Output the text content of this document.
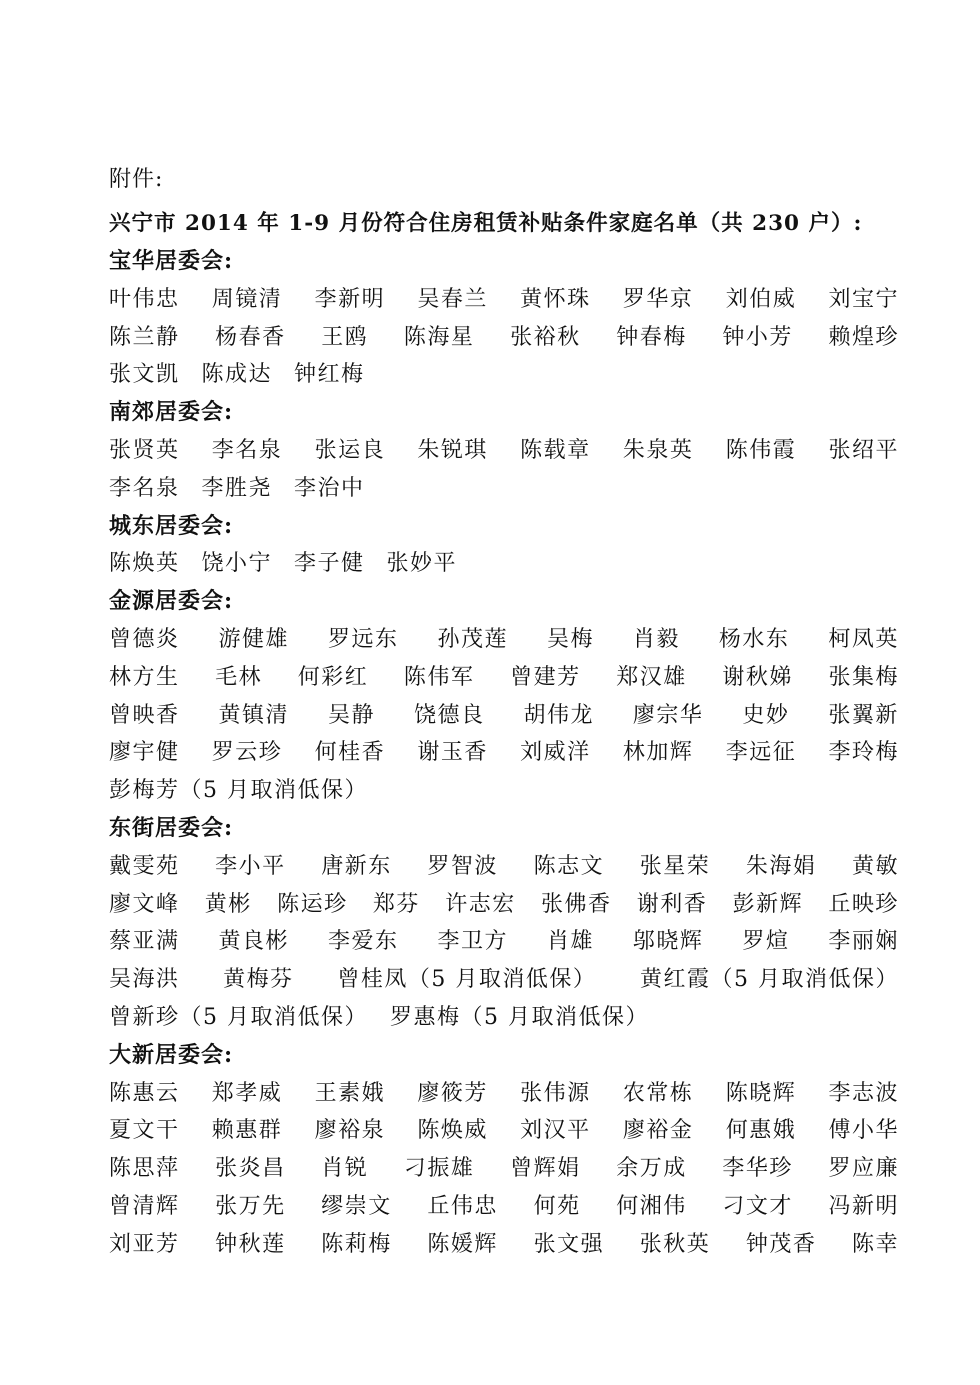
附件:
兴宁市 2014 年 1-9 月份符合住房租赁补贴条件家庭名单（共 230 户）:
宝华居委会:
叶伟忠 周镜清 李新明 吴春兰 黄怀珠 罗华京 刘伯威 刘宝宁
陈兰静 杨春香 王鸥 陈海星 张裕秋 钟春梅 钟小芳 赖煌珍
张文凯 陈成达 钟红梅
南郊居委会:
张贤英 李名泉 张运良 朱锐琪 陈载章 朱泉英 陈伟霞 张绍平
李名泉 李胜尧 李治中
城东居委会:
陈焕英 饶小宁 李子健 张妙平
金源居委会:
曾德炎 游健雄 罗远东 孙茂莲 吴梅 肖毅 杨水东 柯凤英
林方生 毛林 何彩红 陈伟军 曾建芳 郑汉雄 谢秋娣 张集梅
曾映香 黄镇清 吴静 饶德良 胡伟龙 廖宗华 史妙 张翼新
廖宇健 罗云珍 何桂香 谢玉香 刘威洋 林加辉 李远征 李玲梅
彭梅芳（5 月取消低保）
东街居委会:
戴雯苑 李小平 唐新东 罗智波 陈志文 张星荣 朱海娟 黄敏
廖文峰 黄彬 陈运珍 郑芬 许志宏 张佛香 谢利香 彭新辉 丘映珍
蔡亚满 黄良彬 李爱东 李卫方 肖雄 邬晓辉 罗煊 李丽娴
吴海洪 黄梅芬 曾桂凤（5 月取消低保） 黄红霞（5 月取消低保）
曾新珍（5 月取消低保） 罗惠梅（5 月取消低保）
大新居委会:
陈惠云 郑孝威 王素娥 廖筱芳 张伟源 农常栋 陈晓辉 李志波
夏文干 赖惠群 廖裕泉 陈焕威 刘汉平 廖裕金 何惠娥 傅小华
陈思萍 张炎昌 肖锐 刁振雄 曾辉娟 余万成 李华珍 罗应廉
曾清辉 张万先 缪崇文 丘伟忠 何苑 何湘伟 刁文才 冯新明
刘亚芳 钟秋莲 陈莉梅 陈媛辉 张文强 张秋英 钟茂香 陈幸
